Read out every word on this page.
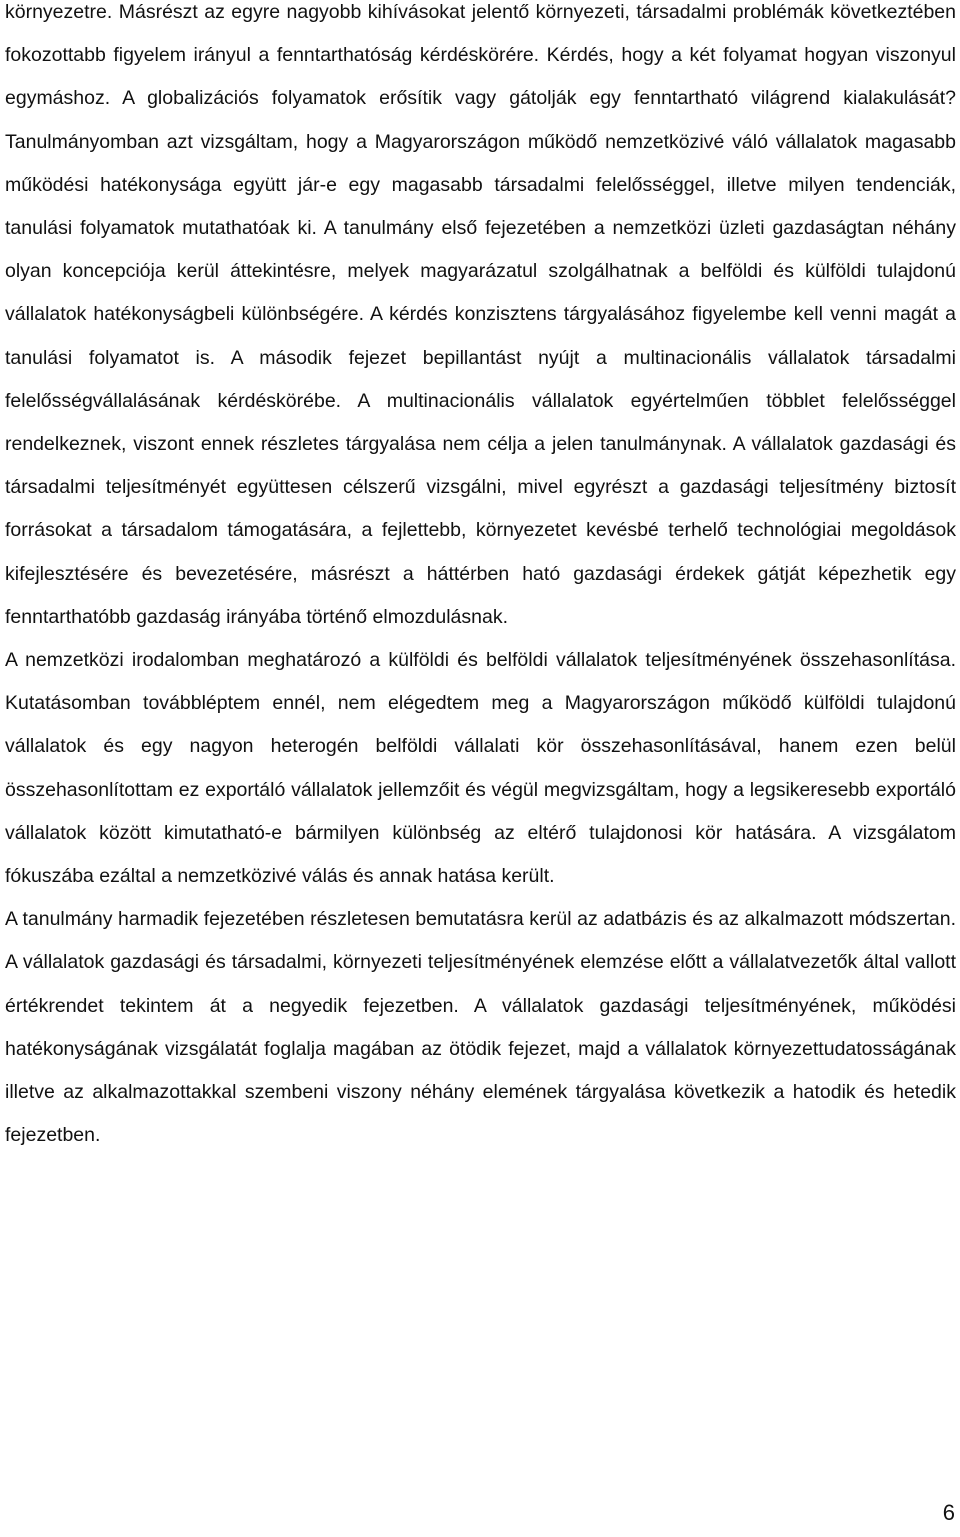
környezetre. Másrészt az egyre nagyobb kihívásokat jelentő környezeti, társadalmi problémák következtében fokozottabb figyelem irányul a fenntarthatóság kérdéskörére. Kérdés, hogy a két folyamat hogyan viszonyul egymáshoz. A globalizációs folyamatok erősítik vagy gátolják egy fenntartható világrend kialakulását? Tanulmányomban azt vizsgáltam, hogy a Magyarországon működő nemzetközivé váló vállalatok magasabb működési hatékonysága együtt jár-e egy magasabb társadalmi felelősséggel, illetve milyen tendenciák, tanulási folyamatok mutathatóak ki. A tanulmány első fejezetében a nemzetközi üzleti gazdaságtan néhány olyan koncepciója kerül áttekintésre, melyek magyarázatul szolgálhatnak a belföldi és külföldi tulajdonú vállalatok hatékonyságbeli különbségére. A kérdés konzisztens tárgyalásához figyelembe kell venni magát a tanulási folyamatot is. A második fejezet bepillantást nyújt a multinacionális vállalatok társadalmi felelősségvállalásának kérdéskörébe. A multinacionális vállalatok egyértelműen többlet felelősséggel rendelkeznek, viszont ennek részletes tárgyalása nem célja a jelen tanulmánynak. A vállalatok gazdasági és társadalmi teljesítményét együttesen célszerű vizsgálni, mivel egyrészt a gazdasági teljesítmény biztosít forrásokat a társadalom támogatására, a fejlettebb, környezetet kevésbé terhelő technológiai megoldások kifejlesztésére és bevezetésére, másrészt a háttérben ható gazdasági érdekek gátját képezhetik egy fenntarthatóbb gazdaság irányába történő elmozdulásnak.

A nemzetközi irodalomban meghatározó a külföldi és belföldi vállalatok teljesítményének összehasonlítása. Kutatásomban továbbléptem ennél, nem elégedtem meg a Magyarországon működő külföldi tulajdonú vállalatok és egy nagyon heterogén belföldi vállalati kör összehasonlításával, hanem ezen belül összehasonlítottam ez exportáló vállalatok jellemzőit és végül megvizsgáltam, hogy a legsikeresebb exportáló vállalatok között kimutatható-e bármilyen különbség az eltérő tulajdonosi kör hatására. A vizsgálatom fókuszába ezáltal a nemzetközivé válás és annak hatása került.

A tanulmány harmadik fejezetében részletesen bemutatásra kerül az adatbázis és az alkalmazott módszertan. A vállalatok gazdasági és társadalmi, környezeti teljesítményének elemzése előtt a vállalatvezetők által vallott értékrendet tekintem át a negyedik fejezetben. A vállalatok gazdasági teljesítményének, működési hatékonyságának vizsgálatát foglalja magában az ötödik fejezet, majd a vállalatok környezettudatosságának illetve az alkalmazottakkal szembeni viszony néhány elemének tárgyalása következik a hatodik és hetedik fejezetben.

6
